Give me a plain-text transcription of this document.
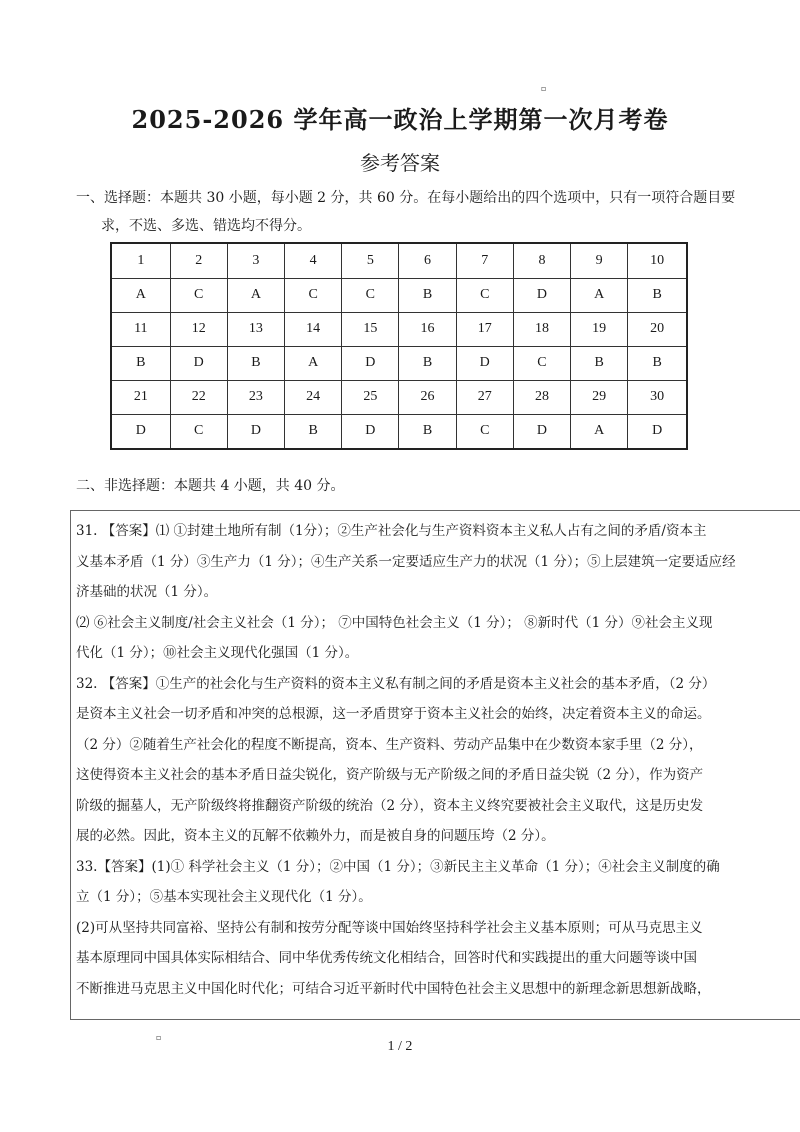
▫
2025-2026 学年高一政治上学期第一次月考卷
参考答案
一、选择题：本题共 30 小题，每小题 2 分，共 60 分。在每小题给出的四个选项中，只有一项符合题目要
求，不选、多选、错选均不得分。
1	2	3	4	5	6	7	8	9	10
A	C	A	C	C	B	C	D	A	B
11	12	13	14	15	16	17	18	19	20
B	D	B	A	D	B	D	C	B	B
21	22	23	24	25	26	27	28	29	30
D	C	D	B	D	B	C	D	A	D
二、非选择题：本题共 4 小题，共 40 分。

31. 【答案】⑴ ①封建土地所有制（1分）；②生产社会化与生产资料资本主义私人占有之间的矛盾/资本主

义基本矛盾（1 分）③生产力（1 分）；④生产关系一定要适应生产力的状况（1 分）；⑤上层建筑一定要适应经

济基础的状况（1 分）。

⑵ ⑥社会主义制度/社会主义社会（1 分）； ⑦中国特色社会主义（1 分）； ⑧新时代（1 分）⑨社会主义现

代化（1 分）；⑩社会主义现代化强国（1 分）。

32. 【答案】①生产的社会化与生产资料的资本主义私有制之间的矛盾是资本主义社会的基本矛盾，（2 分）

是资本主义社会一切矛盾和冲突的总根源，这一矛盾贯穿于资本主义社会的始终，决定着资本主义的命运。

（2 分）②随着生产社会化的程度不断提高，资本、生产资料、劳动产品集中在少数资本家手里（2 分），

这使得资本主义社会的基本矛盾日益尖锐化，资产阶级与无产阶级之间的矛盾日益尖锐（2 分），作为资产

阶级的掘墓人，无产阶级终将推翻资产阶级的统治（2 分），资本主义终究要被社会主义取代，这是历史发

展的必然。因此，资本主义的瓦解不依赖外力，而是被自身的问题压垮（2 分）。

33.【答案】(1)① 科学社会主义（1 分）；②中国（1 分）；③新民主主义革命（1 分）；④社会主义制度的确

立（1 分）；⑤基本实现社会主义现代化（1 分）。

(2)可从坚持共同富裕、坚持公有制和按劳分配等谈中国始终坚持科学社会主义基本原则；可从马克思主义

基本原理同中国具体实际相结合、同中华优秀传统文化相结合，回答时代和实践提出的重大问题等谈中国

不断推进马克思主义中国化时代化；可结合习近平新时代中国特色社会主义思想中的新理念新思想新战略，

▫
1 / 2
